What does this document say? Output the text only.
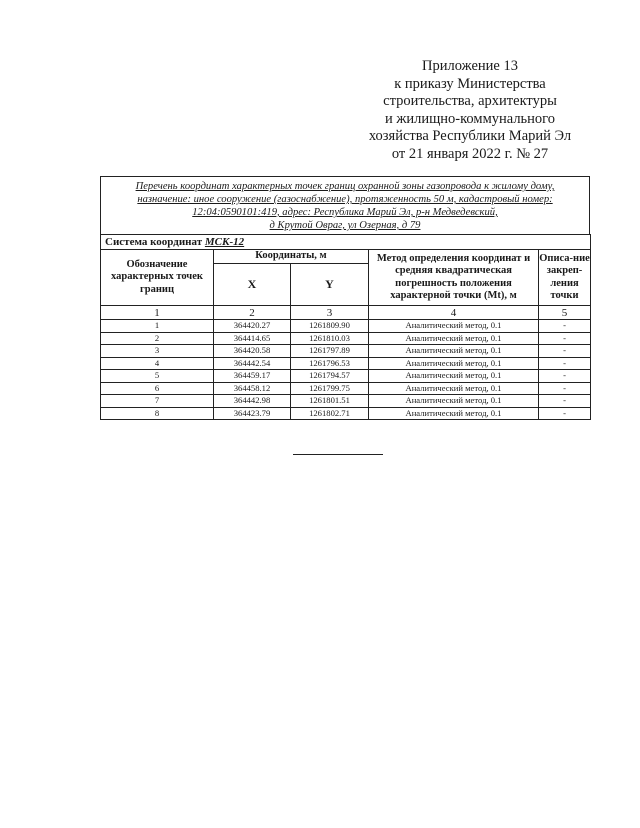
Приложение 13
к приказу Министерства
строительства, архитектуры
и жилищно-коммунального
хозяйства Республики Марий Эл
от 21 января 2022 г. № 27
Перечень координат характерных точек границ охранной зоны газопровода к жилому дому,
назначение: иное сооружение (газоснабжение), протяженность 50 м, кадастровый номер:
12:04:0590101:419, адрес: Республика Марий Эл, р-н Медведевский,
д Крутой Овраг, ул Озерная, д 79
Система координат МСК-12				
Обозначение характерных точек границ	Координаты, м		Метод определения координат и средняя квадратическая погрешность положения характерной точки (Mt), м	Описа-ние закреп-ления точки
	X	Y		
1	2	3	4	5
1	364420.27	1261809.90	Аналитический метод, 0.1	-
2	364414.65	1261810.03	Аналитический метод, 0.1	-
3	364420.58	1261797.89	Аналитический метод, 0.1	-
4	364442.54	1261796.53	Аналитический метод, 0.1	-
5	364459.17	1261794.57	Аналитический метод, 0.1	-
6	364458.12	1261799.75	Аналитический метод, 0.1	-
7	364442.98	1261801.51	Аналитический метод, 0.1	-
8	364423.79	1261802.71	Аналитический метод, 0.1	-
